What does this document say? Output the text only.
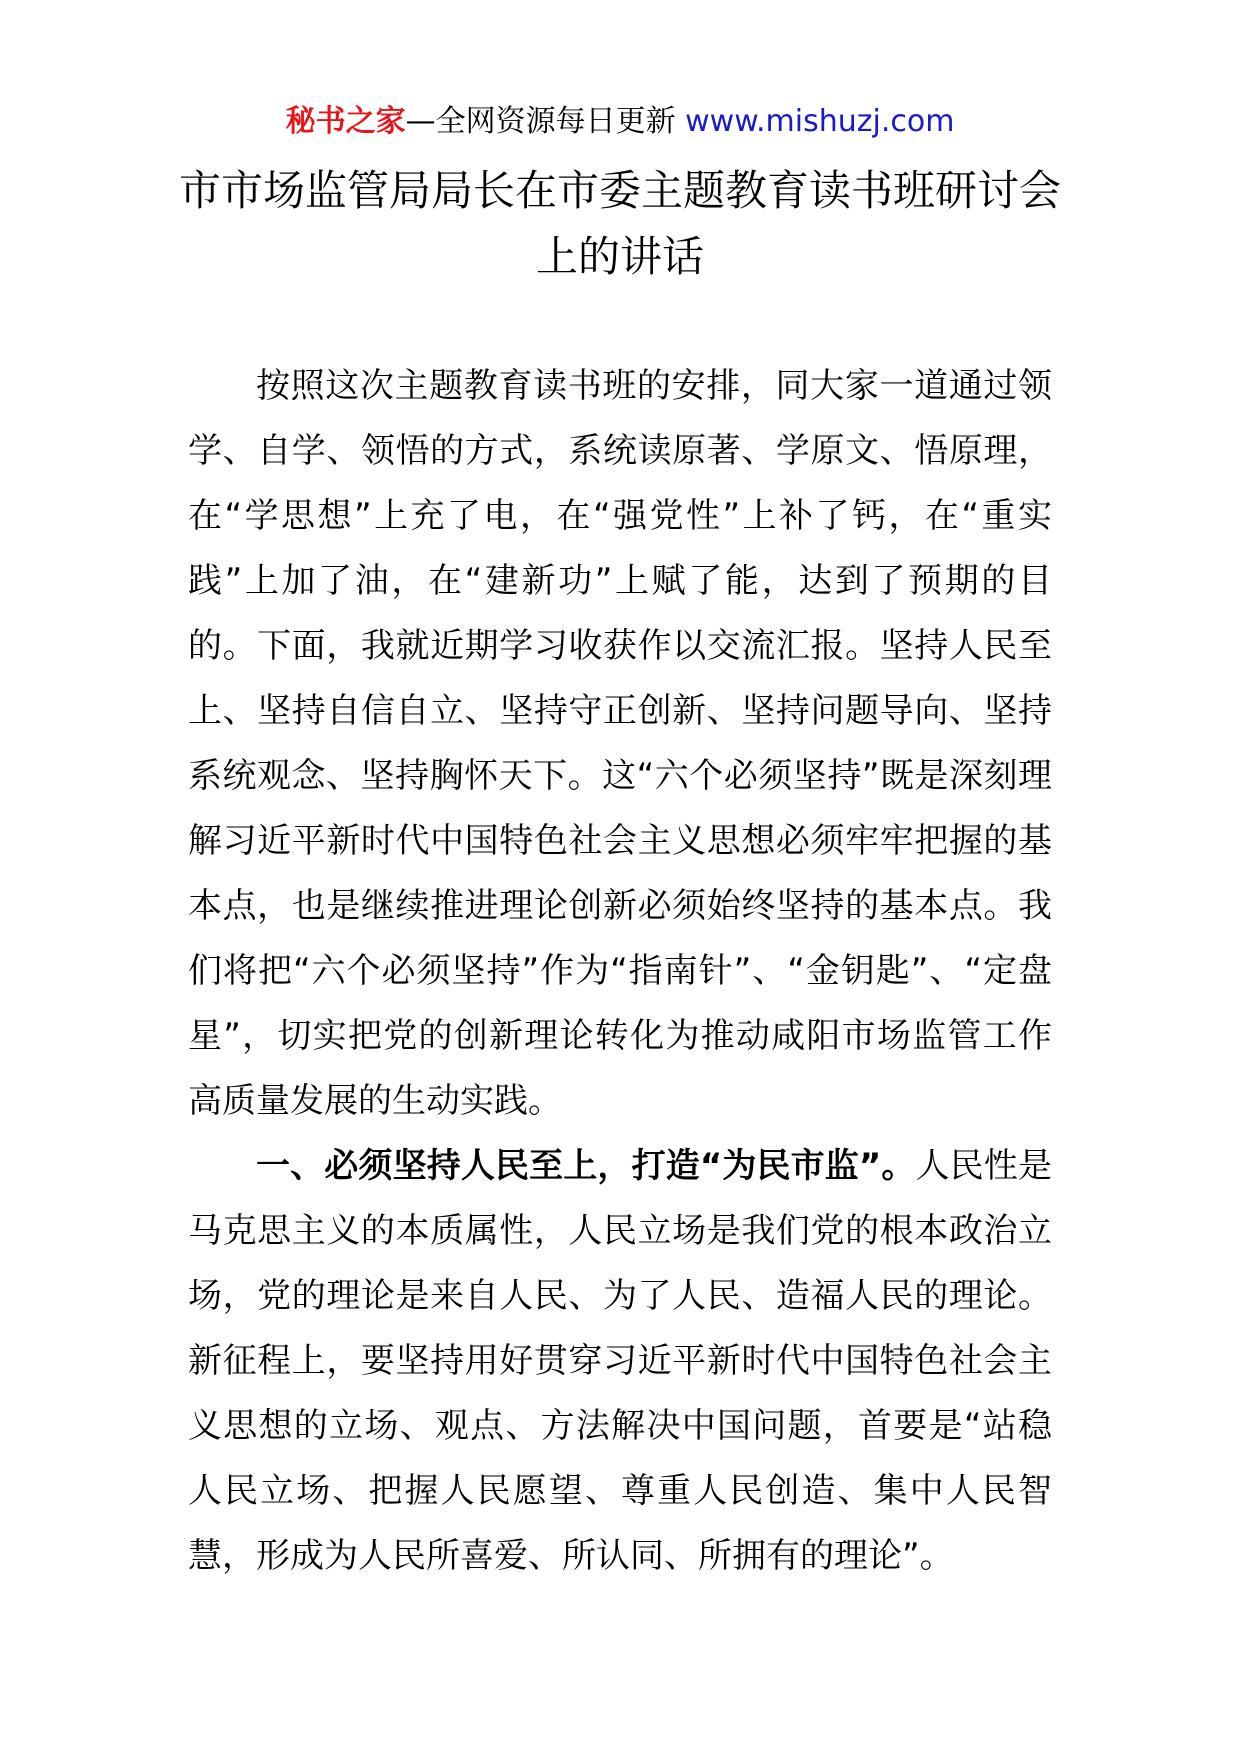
秘书之家—全网资源每日更新 www.mishuzj.com
市市场监管局局长在市委主题教育读书班研讨会上的讲话

按照这次主题教育读书班的安排，同大家一道通过领学、自学、领悟的方式，系统读原著、学原文、悟原理，在“学思想”上充了电，在“强党性”上补了钙，在“重实践”上加了油，在“建新功”上赋了能，达到了预期的目的。下面，我就近期学习收获作以交流汇报。坚持人民至上、坚持自信自立、坚持守正创新、坚持问题导向、坚持系统观念、坚持胸怀天下。这“六个必须坚持”既是深刻理解习近平新时代中国特色社会主义思想必须牢牢把握的基本点，也是继续推进理论创新必须始终坚持的基本点。我们将把“六个必须坚持”作为“指南针”、“金钥匙”、“定盘星”，切实把党的创新理论转化为推动咸阳市场监管工作高质量发展的生动实践。

一、必须坚持人民至上，打造“为民市监”。人民性是马克思主义的本质属性，人民立场是我们党的根本政治立场，党的理论是来自人民、为了人民、造福人民的理论。新征程上，要坚持用好贯穿习近平新时代中国特色社会主义思想的立场、观点、方法解决中国问题，首要是“站稳人民立场、把握人民愿望、尊重人民创造、集中人民智慧，形成为人民所喜爱、所认同、所拥有的理论”。
